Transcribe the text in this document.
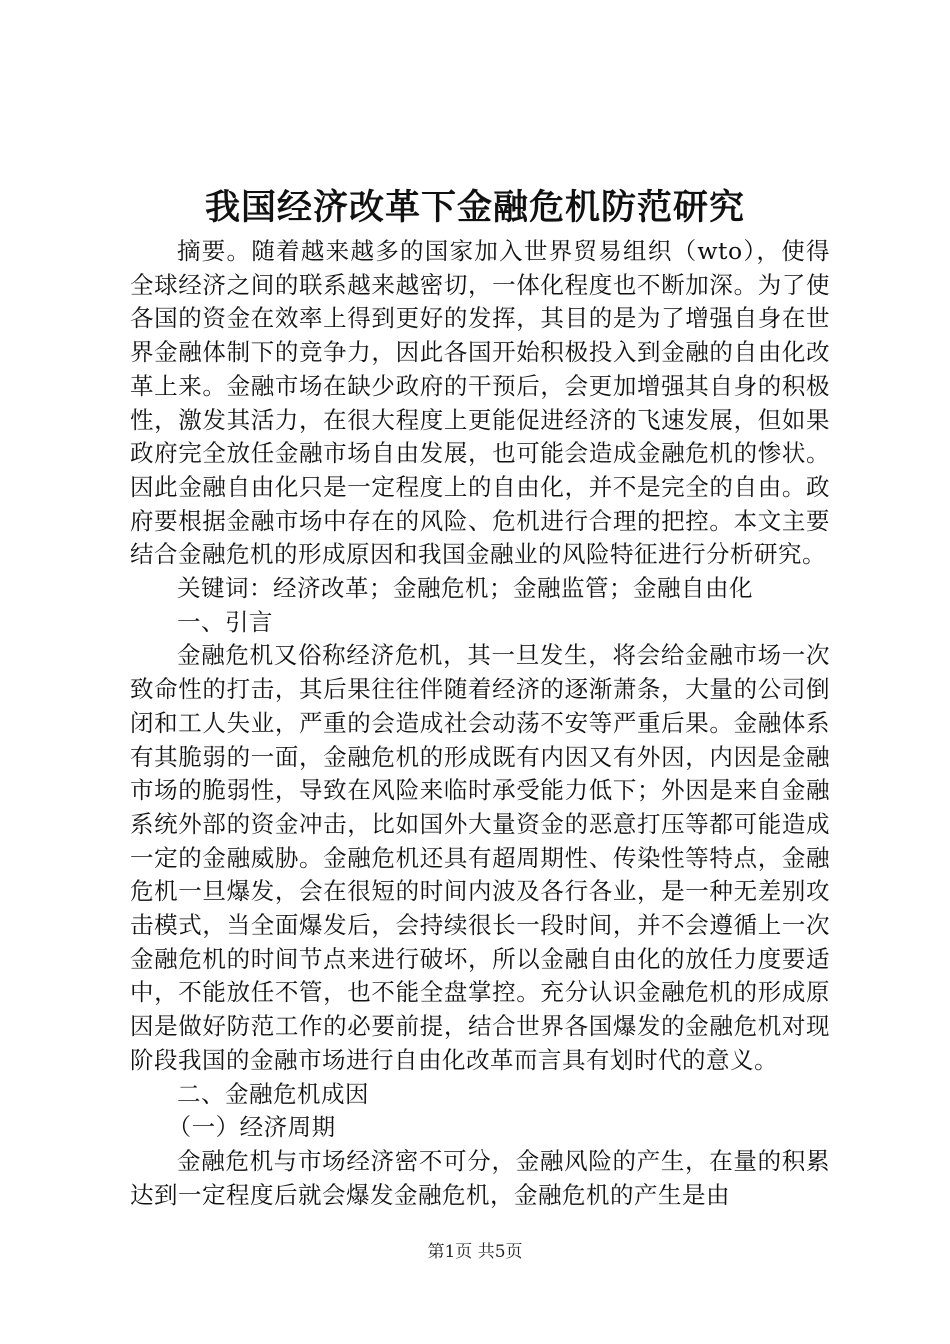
我国经济改革下金融危机防范研究

摘要。随着越来越多的国家加入世界贸易组织（wto），使得全球经济之间的联系越来越密切，一体化程度也不断加深。为了使各国的资金在效率上得到更好的发挥，其目的是为了增强自身在世界金融体制下的竞争力，因此各国开始积极投入到金融的自由化改革上来。金融市场在缺少政府的干预后，会更加增强其自身的积极性，激发其活力，在很大程度上更能促进经济的飞速发展，但如果政府完全放任金融市场自由发展，也可能会造成金融危机的惨状。因此金融自由化只是一定程度上的自由化，并不是完全的自由。政府要根据金融市场中存在的风险、危机进行合理的把控。本文主要结合金融危机的形成原因和我国金融业的风险特征进行分析研究。

关键词：经济改革；金融危机；金融监管；金融自由化

一、引言

金融危机又俗称经济危机，其一旦发生，将会给金融市场一次致命性的打击，其后果往往伴随着经济的逐渐萧条，大量的公司倒闭和工人失业，严重的会造成社会动荡不安等严重后果。金融体系有其脆弱的一面，金融危机的形成既有内因又有外因，内因是金融市场的脆弱性，导致在风险来临时承受能力低下；外因是来自金融系统外部的资金冲击，比如国外大量资金的恶意打压等都可能造成一定的金融威胁。金融危机还具有超周期性、传染性等特点，金融危机一旦爆发，会在很短的时间内波及各行各业，是一种无差别攻击模式，当全面爆发后，会持续很长一段时间，并不会遵循上一次金融危机的时间节点来进行破坏，所以金融自由化的放任力度要适中，不能放任不管，也不能全盘掌控。充分认识金融危机的形成原因是做好防范工作的必要前提，结合世界各国爆发的金融危机对现阶段我国的金融市场进行自由化改革而言具有划时代的意义。

二、金融危机成因

（一）经济周期

金融危机与市场经济密不可分，金融风险的产生，在量的积累达到一定程度后就会爆发金融危机，金融危机的产生是由

第1页 共5页
